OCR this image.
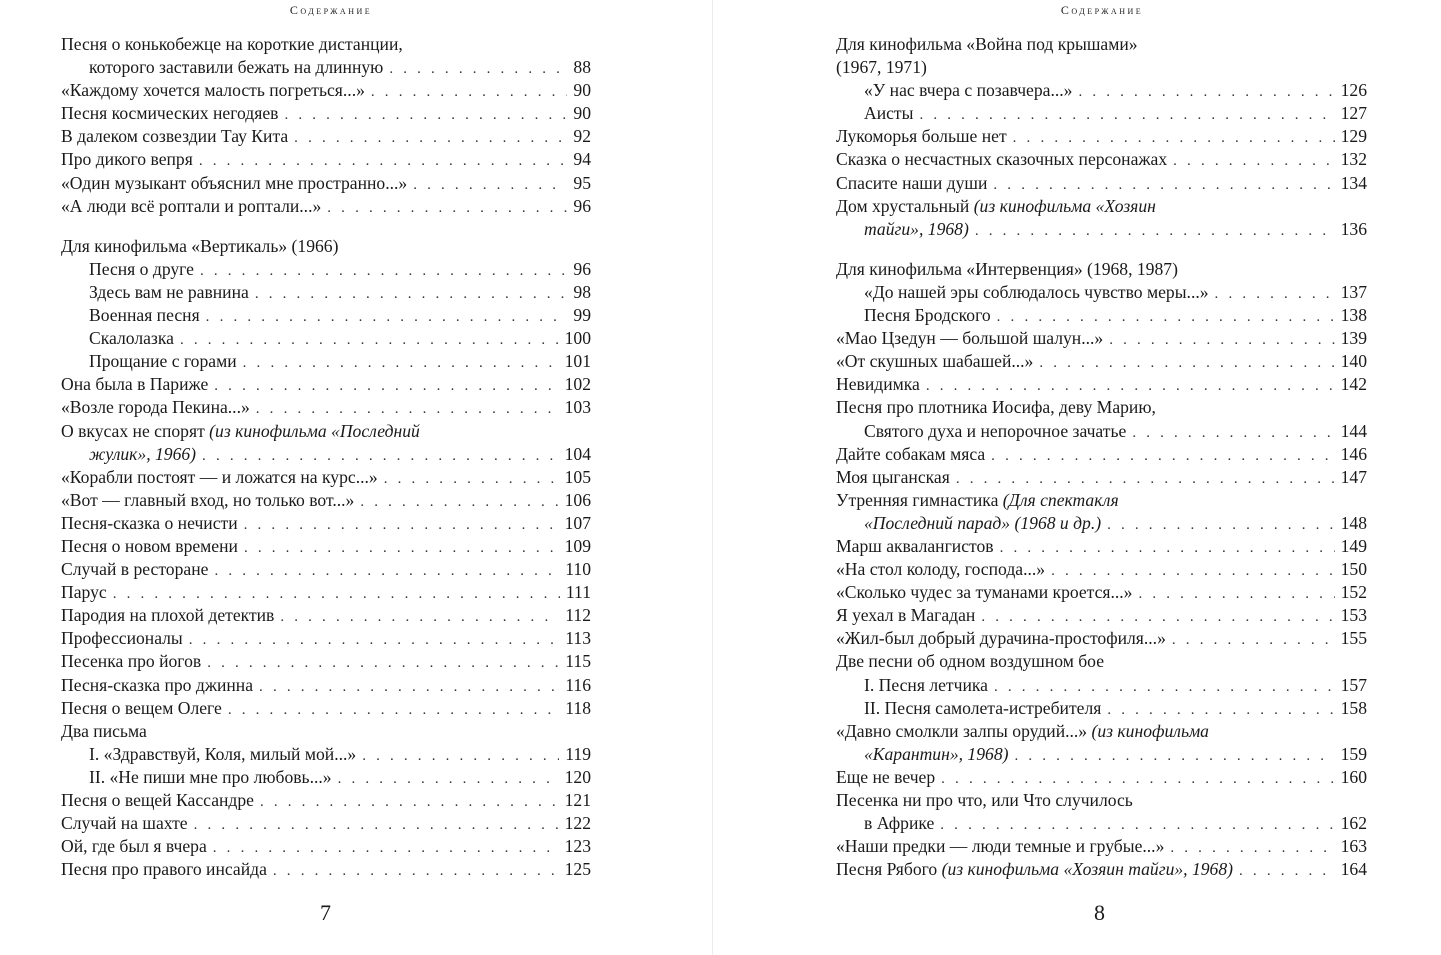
Содержание
Песня о конькобежце на короткие дистанции,
которого заставили бежать на длинную . . .	88
«Каждому хочется малость погреться...» . . .	90
Песня космических негодяев . . .	90
В далеком созвездии Тау Кита . . .	92
Про дикого вепря . . .	94
«Один музыкант объяснил мне пространно...» . . .	95
«А люди всё роптали и роптали...» . . .	96
Для кинофильма «Вертикаль» (1966)
Песня о друге . . .	96
Здесь вам не равнина . . .	98
Военная песня . . .	99
Скалолазка . . .	100
Прощание с горами . . .	101
Она была в Париже . . .	102
«Возле города Пекина...» . . .	103
О вкусах не спорят (из кинофильма «Последний
жулик», 1966) . . .	104
«Корабли постоят — и ложатся на курс...» . . .	105
«Вот — главный вход, но только вот...» . . .	106
Песня-сказка о нечисти . . .	107
Песня о новом времени . . .	109
Случай в ресторане . . .	110
Парус . . .	111
Пародия на плохой детектив . . .	112
Профессионалы . . .	113
Песенка про йогов . . .	115
Песня-сказка про джинна . . .	116
Песня о вещем Олеге . . .	118
Два письма
I. «Здравствуй, Коля, милый мой...» . . .	119
II. «Не пиши мне про любовь...» . . .	120
Песня о вещей Кассандре . . .	121
Случай на шахте . . .	122
Ой, где был я вчера . . .	123
Песня про правого инсайда . . .	125
7
Содержание
Для кинофильма «Война под крышами»
(1967, 1971)
«У нас вчера с позавчера...» . . .	126
Аисты . . .	127
Лукоморья больше нет . . .	129
Сказка о несчастных сказочных персонажах . . .	132
Спасите наши души . . .	134
Дом хрустальный (из кинофильма «Хозяин
тайги», 1968) . . .	136
Для кинофильма «Интервенция» (1968, 1987)
«До нашей эры соблюдалось чувство меры...» . . .	137
Песня Бродского . . .	138
«Мао Цзедун — большой шалун...» . . .	139
«От скушных шабашей...» . . .	140
Невидимка . . .	142
Песня про плотника Иосифа, деву Марию,
Святого духа и непорочное зачатье . . .	144
Дайте собакам мяса . . .	146
Моя цыганская . . .	147
Утренняя гимнастика (Для спектакля
«Последний парад» (1968 и др.) . . .	148
Марш аквалангистов . . .	149
«На стол колоду, господа...» . . .	150
«Сколько чудес за туманами кроется...» . . .	152
Я уехал в Магадан . . .	153
«Жил-был добрый дурачина-простофиля...» . . .	155
Две песни об одном воздушном бое
I. Песня летчика . . .	157
II. Песня самолета-истребителя . . .	158
«Давно смолкли залпы орудий...» (из кинофильма
«Карантин», 1968) . . .	159
Еще не вечер . . .	160
Песенка ни про что, или Что случилось
в Африке . . .	162
«Наши предки — люди темные и грубые...» . . .	163
Песня Рябого (из кинофильма «Хозяин тайги», 1968) . . .	164
8
